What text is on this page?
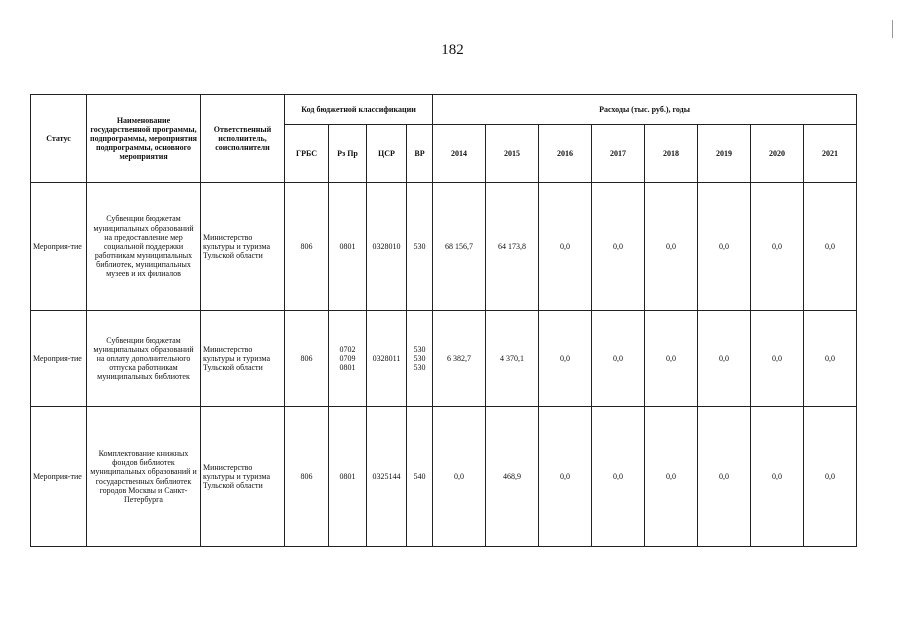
182
Статус	Наименование государственной программы, подпрограммы, мероприятия подпрограммы, основного мероприятия	Ответственный исполнитель, соисполнители	Код бюджетной классификации				Расходы (тыс. руб.), годы							
			ГРБС	Рз Пр	ЦСР	ВР	2014	2015	2016	2017	2018	2019	2020	2021
Мероприя-тие	Субвенции бюджетам муниципальных образований на предоставление мер социальной поддержки работникам муниципальных библиотек, муниципальных музеев и их филиалов	Министерство культуры и туризма Тульской области	806	0801	0328010	530	68 156,7	64 173,8	0,0	0,0	0,0	0,0	0,0	0,0
Мероприя-тие	Субвенции бюджетам муниципальных образований на оплату дополнительного отпуска работникам муниципальных библиотек	Министерство культуры и туризма Тульской области	806	0702
0709
0801	0328011	530
530
530	6 382,7	4 370,1	0,0	0,0	0,0	0,0	0,0	0,0
Мероприя-тие	Комплектование книжных фондов библиотек муниципальных образований и государственных библиотек городов Москвы и Санкт-Петербурга	Министерство культуры и туризма Тульской области	806	0801	0325144	540	0,0	468,9	0,0	0,0	0,0	0,0	0,0	0,0
